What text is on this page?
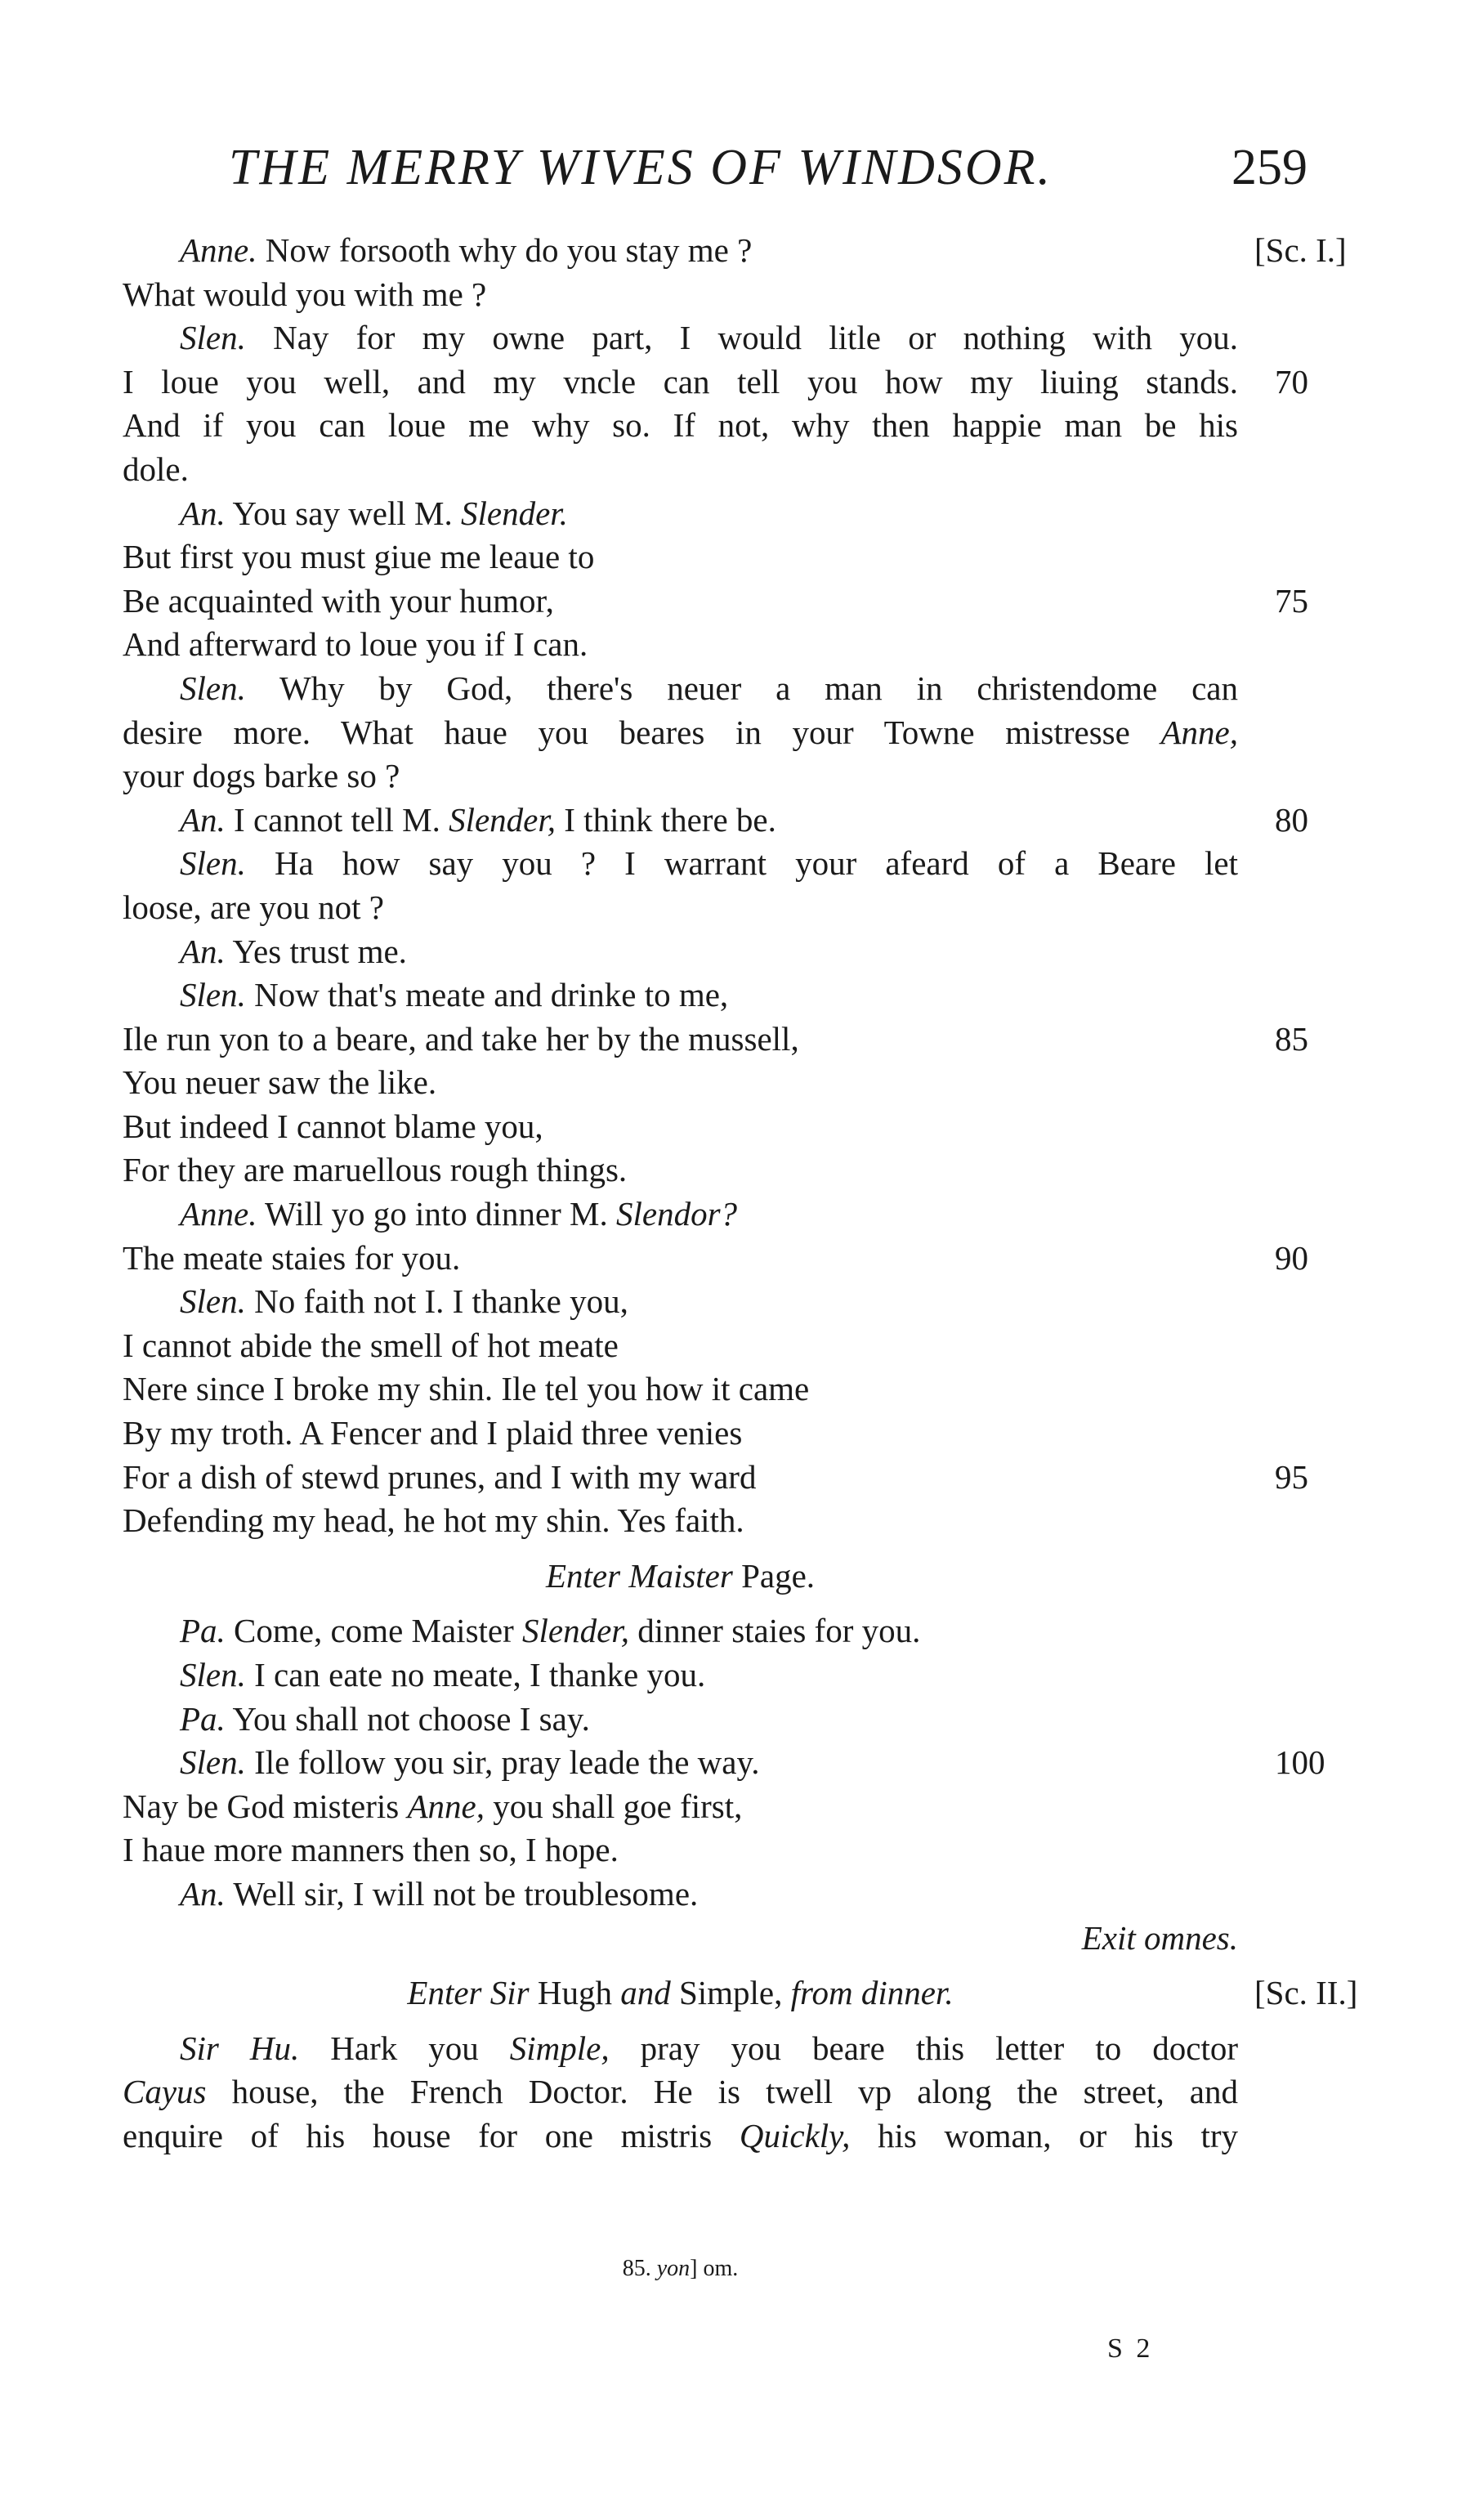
THE MERRY WIVES OF WINDSOR.	259
Anne. Now forsooth why do you stay me ?	[Sc. I.]
What would you with me ?
Slen. Nay for my owne part, I would litle or nothing with you.
I loue you well, and my vncle can tell you how my liuing stands. 70
And if you can loue me why so. If not, why then happie man be his
dole.
An. You say well M. Slender.
But first you must giue me leaue to
Be acquainted with your humor,	75
And afterward to loue you if I can.
Slen. Why by God, there's neuer a man in christendome can
desire more. What haue you beares in your Towne mistresse Anne,
your dogs barke so ?
An. I cannot tell M. Slender, I think there be.	80
Slen. Ha how say you ? I warrant your afeard of a Beare let
loose, are you not ?
An. Yes trust me.
Slen. Now that's meate and drinke to me,
Ile run yon to a beare, and take her by the mussell,	85
You neuer saw the like.
But indeed I cannot blame you,
For they are maruellous rough things.
Anne. Will yo go into dinner M. Slendor?
The meate staies for you.	90
Slen. No faith not I. I thanke you,
I cannot abide the smell of hot meate
Nere since I broke my shin. Ile tel you how it came
By my troth. A Fencer and I plaid three venies
For a dish of stewd prunes, and I with my ward	95
Defending my head, he hot my shin. Yes faith.
Enter Maister Page.
Pa. Come, come Maister Slender, dinner staies for you.
Slen. I can eate no meate, I thanke you.
Pa. You shall not choose I say.
Slen. Ile follow you sir, pray leade the way.	100
Nay be God misteris Anne, you shall goe first,
I haue more manners then so, I hope.
An. Well sir, I will not be troublesome.
Exit omnes.
Enter Sir Hugh and Simple, from dinner.	[Sc. II.]
Sir Hu. Hark you Simple, pray you beare this letter to doctor
Cayus house, the French Doctor. He is twell vp along the street, and
enquire of his house for one mistris Quickly, his woman, or his try
85. yon] om.
S 2
